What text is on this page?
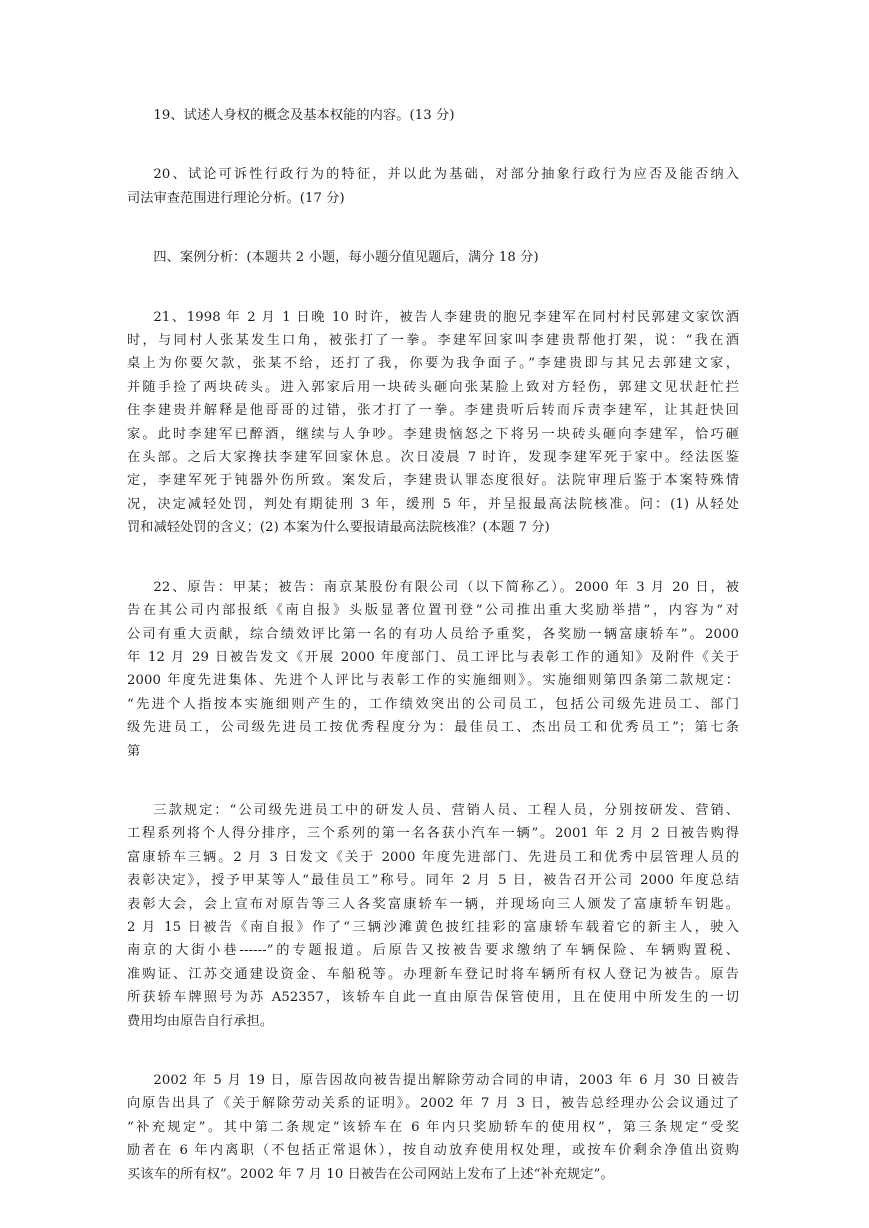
19、试述人身权的概念及基本权能的内容。(13 分)
20、试论可诉性行政行为的特征，并以此为基础，对部分抽象行政行为应否及能否纳入
司法审查范围进行理论分析。(17 分)
四、案例分析：(本题共 2 小题，每小题分值见题后，满分 18 分)
21、1998 年 2 月 1 日晚 10 时许，被告人李建贵的胞兄李建军在同村村民郭建文家饮酒
时，与同村人张某发生口角，被张打了一拳。李建军回家叫李建贵帮他打架，说：“我在酒
桌上为你要欠款，张某不给，还打了我，你要为我争面子。”李建贵即与其兄去郭建文家，
并随手捡了两块砖头。进入郭家后用一块砖头砸向张某脸上致对方轻伤，郭建文见状赶忙拦
住李建贵并解释是他哥哥的过错，张才打了一拳。李建贵听后转而斥责李建军，让其赶快回
家。此时李建军已醉酒，继续与人争吵。李建贵恼怒之下将另一块砖头砸向李建军，恰巧砸
在头部。之后大家搀扶李建军回家休息。次日凌晨 7 时许，发现李建军死于家中。经法医鉴
定，李建军死于钝器外伤所致。案发后，李建贵认罪态度很好。法院审理后鉴于本案特殊情
况，决定减轻处罚，判处有期徒刑 3 年，缓刑 5 年，并呈报最高法院核准。问：(1) 从轻处
罚和减轻处罚的含义；(2) 本案为什么要报请最高法院核准？(本题 7 分)
22、原告：甲某；被告：南京某股份有限公司（以下简称乙）。2000 年 3 月 20 日，被
告在其公司内部报纸《南自报》头版显著位置刊登“公司推出重大奖励举措”，内容为“对
公司有重大贡献，综合绩效评比第一名的有功人员给予重奖，各奖励一辆富康轿车”。2000
年 12 月 29 日被告发文《开展 2000 年度部门、员工评比与表彰工作的通知》及附件《关于
2000 年度先进集体、先进个人评比与表彰工作的实施细则》。实施细则第四条第二款规定：
“先进个人指按本实施细则产生的，工作绩效突出的公司员工，包括公司级先进员工、部门
级先进员工，公司级先进员工按优秀程度分为：最佳员工、杰出员工和优秀员工”；第七条
第
三款规定：“公司级先进员工中的研发人员、营销人员、工程人员，分别按研发、营销、
工程系列将个人得分排序，三个系列的第一名各获小汽车一辆”。2001 年 2 月 2 日被告购得
富康轿车三辆。2 月 3 日发文《关于 2000 年度先进部门、先进员工和优秀中层管理人员的
表彰决定》，授予甲某等人“最佳员工”称号。同年 2 月 5 日，被告召开公司 2000 年度总结
表彰大会，会上宣布对原告等三人各奖富康轿车一辆，并现场向三人颁发了富康轿车钥匙。
2 月 15 日被告《南自报》作了“三辆沙滩黄色披红挂彩的富康轿车载着它的新主人，驶入
南京的大街小巷------”的专题报道。后原告又按被告要求缴纳了车辆保险、车辆购置税、
准购证、江苏交通建设资金、车船税等。办理新车登记时将车辆所有权人登记为被告。原告
所获轿车牌照号为苏 A52357，该轿车自此一直由原告保管使用，且在使用中所发生的一切
费用均由原告自行承担。
2002 年 5 月 19 日，原告因故向被告提出解除劳动合同的申请，2003 年 6 月 30 日被告
向原告出具了《关于解除劳动关系的证明》。2002 年 7 月 3 日，被告总经理办公会议通过了
“补充规定”。其中第二条规定“该轿车在 6 年内只奖励轿车的使用权”，第三条规定“受奖
励者在 6 年内离职（不包括正常退休），按自动放弃使用权处理，或按车价剩余净值出资购
买该车的所有权”。2002 年 7 月 10 日被告在公司网站上发布了上述“补充规定”。
